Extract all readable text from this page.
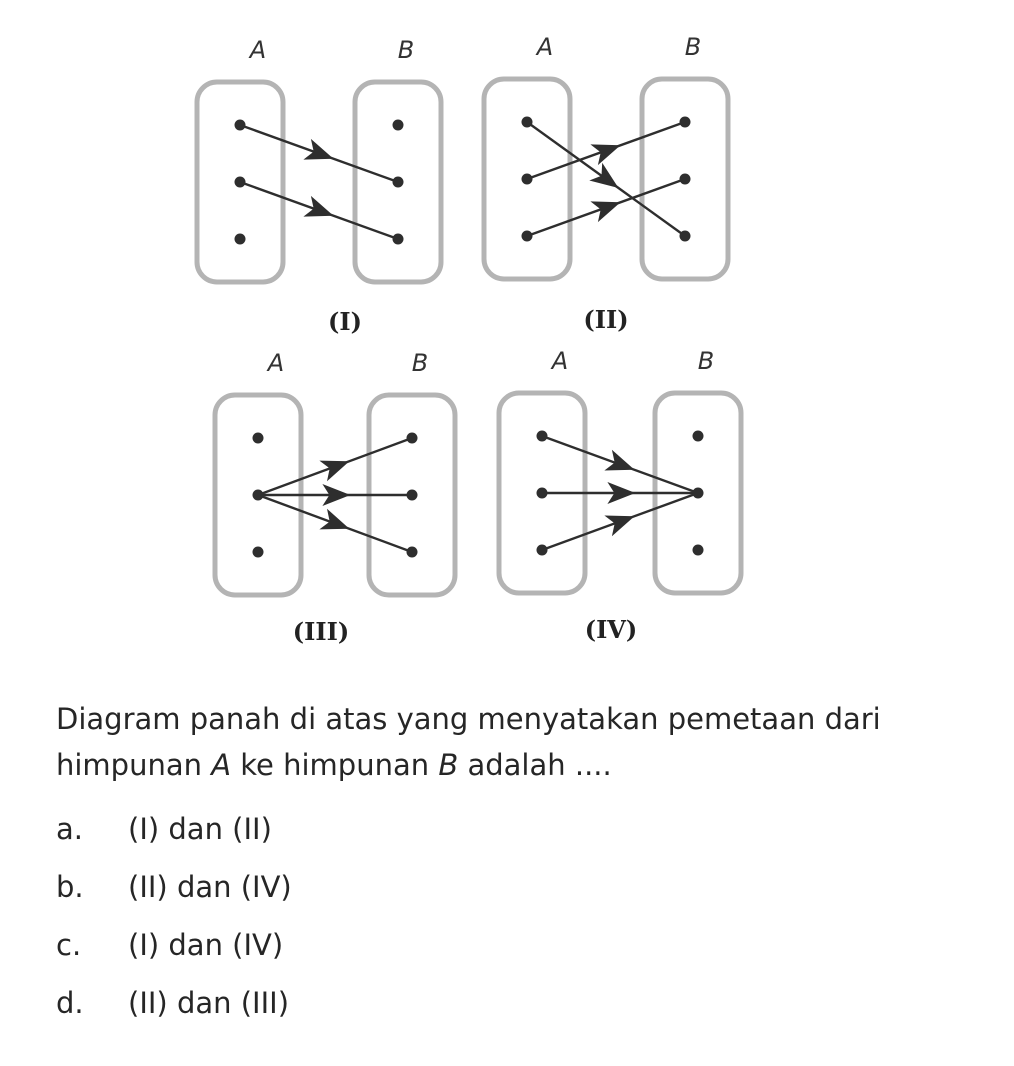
A	B
(I)
A	B
(II)
A	B
(III)
A	B
(IV)

Diagram panah di atas yang menyatakan pemetaan dari

himpunan A ke himpunan B adalah ....

a.	(I) dan (II)
b.	(II) dan (IV)
c.	(I) dan (IV)
d.	(II) dan (III)
